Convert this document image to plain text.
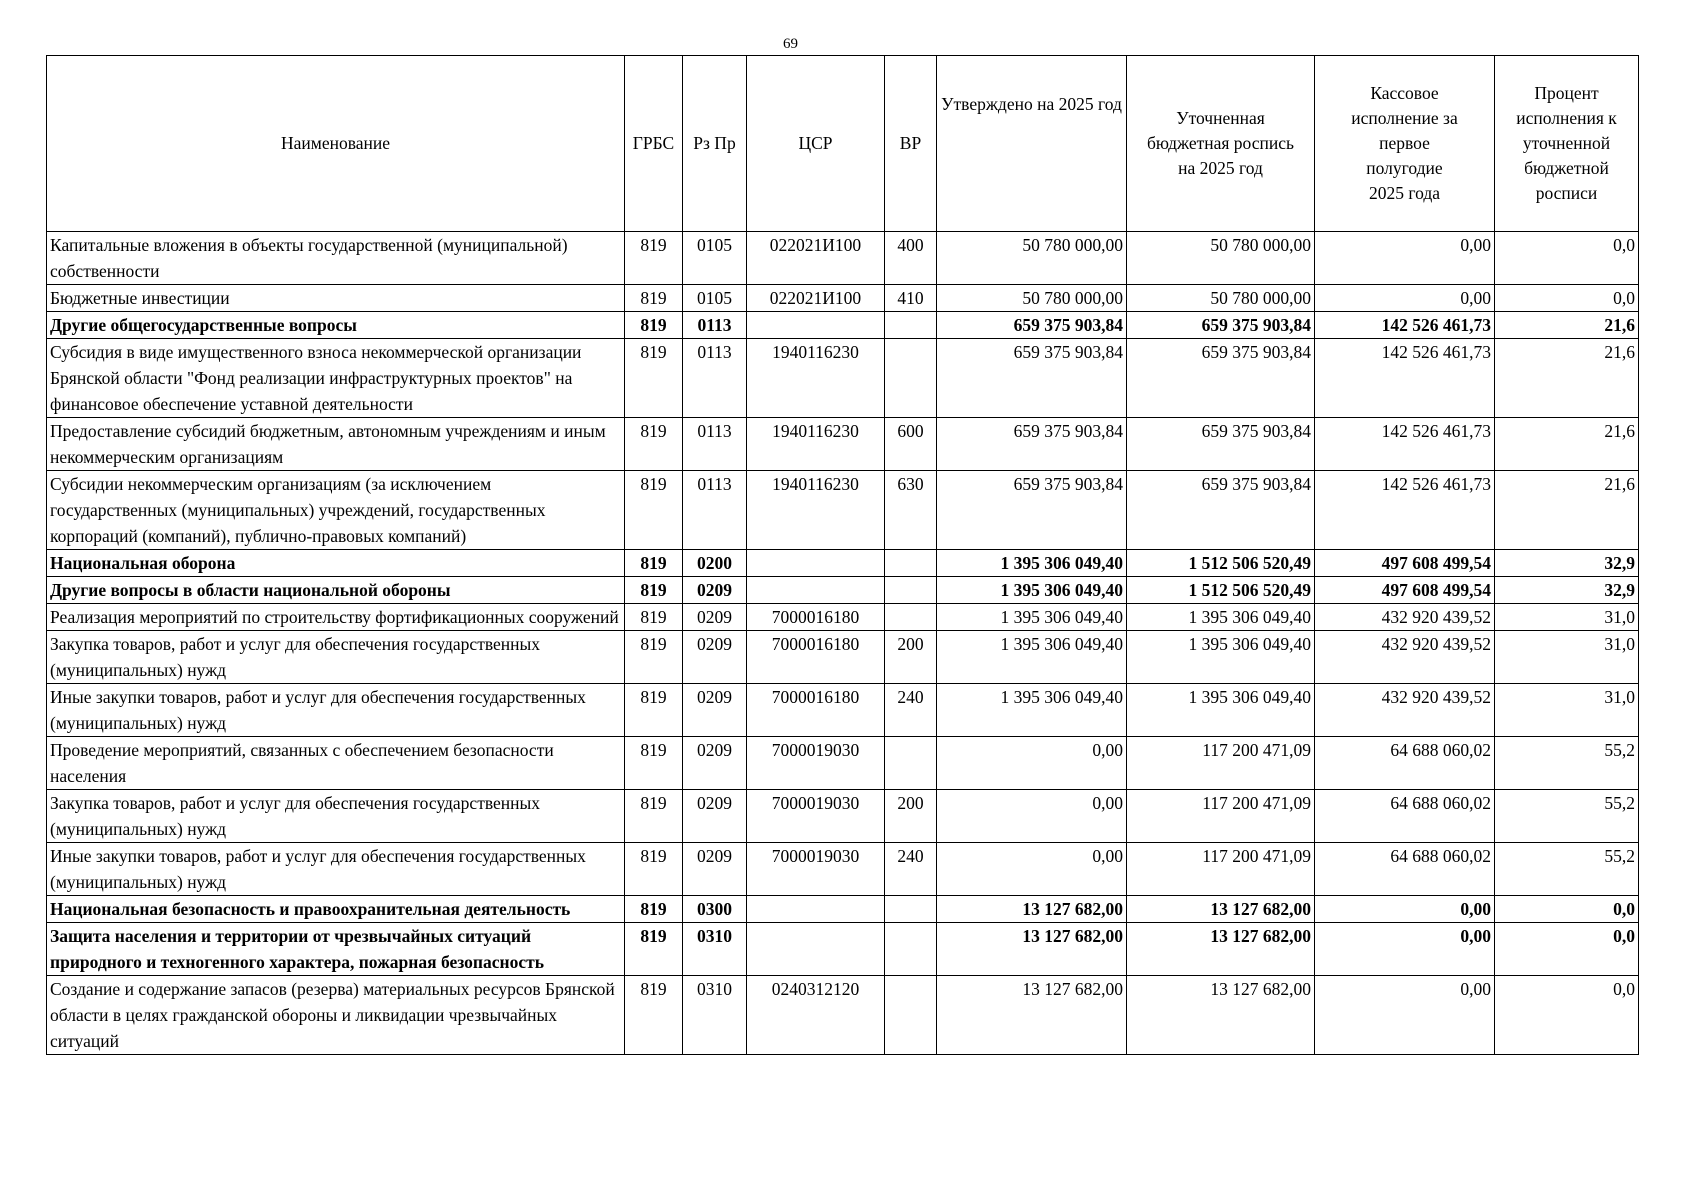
69
Наименование	ГРБС	Рз Пр	ЦСР	ВР	Утверждено на 2025 год	Уточненная бюджетная роспись на 2025 год	Кассовое исполнение за первое полугодие 2025 года	Процент исполнения к уточненной бюджетной росписи
Капитальные вложения в объекты государственной (муниципальной) собственности	819	0105	022021И100	400	50 780 000,00	50 780 000,00	0,00	0,0
Бюджетные инвестиции	819	0105	022021И100	410	50 780 000,00	50 780 000,00	0,00	0,0
Другие общегосударственные вопросы	819	0113			659 375 903,84	659 375 903,84	142 526 461,73	21,6
Субсидия в виде имущественного взноса некоммерческой организации Брянской области "Фонд реализации инфраструктурных проектов" на финансовое обеспечение уставной деятельности	819	0113	1940116230		659 375 903,84	659 375 903,84	142 526 461,73	21,6
Предоставление субсидий бюджетным, автономным учреждениям и иным некоммерческим организациям	819	0113	1940116230	600	659 375 903,84	659 375 903,84	142 526 461,73	21,6
Субсидии некоммерческим организациям (за исключением государственных (муниципальных) учреждений, государственных корпораций (компаний), публично-правовых компаний)	819	0113	1940116230	630	659 375 903,84	659 375 903,84	142 526 461,73	21,6
Национальная оборона	819	0200			1 395 306 049,40	1 512 506 520,49	497 608 499,54	32,9
Другие вопросы в области национальной обороны	819	0209			1 395 306 049,40	1 512 506 520,49	497 608 499,54	32,9
Реализация мероприятий по строительству фортификационных сооружений	819	0209	7000016180		1 395 306 049,40	1 395 306 049,40	432 920 439,52	31,0
Закупка товаров, работ и услуг для обеспечения государственных (муниципальных) нужд	819	0209	7000016180	200	1 395 306 049,40	1 395 306 049,40	432 920 439,52	31,0
Иные закупки товаров, работ и услуг для обеспечения государственных (муниципальных) нужд	819	0209	7000016180	240	1 395 306 049,40	1 395 306 049,40	432 920 439,52	31,0
Проведение мероприятий, связанных с обеспечением безопасности населения	819	0209	7000019030		0,00	117 200 471,09	64 688 060,02	55,2
Закупка товаров, работ и услуг для обеспечения государственных (муниципальных) нужд	819	0209	7000019030	200	0,00	117 200 471,09	64 688 060,02	55,2
Иные закупки товаров, работ и услуг для обеспечения государственных (муниципальных) нужд	819	0209	7000019030	240	0,00	117 200 471,09	64 688 060,02	55,2
Национальная безопасность и правоохранительная деятельность	819	0300			13 127 682,00	13 127 682,00	0,00	0,0
Защита населения и территории от чрезвычайных ситуаций природного и техногенного характера, пожарная безопасность	819	0310			13 127 682,00	13 127 682,00	0,00	0,0
Создание и содержание запасов (резерва) материальных ресурсов Брянской области в целях гражданской обороны и ликвидации чрезвычайных ситуаций	819	0310	0240312120		13 127 682,00	13 127 682,00	0,00	0,0
